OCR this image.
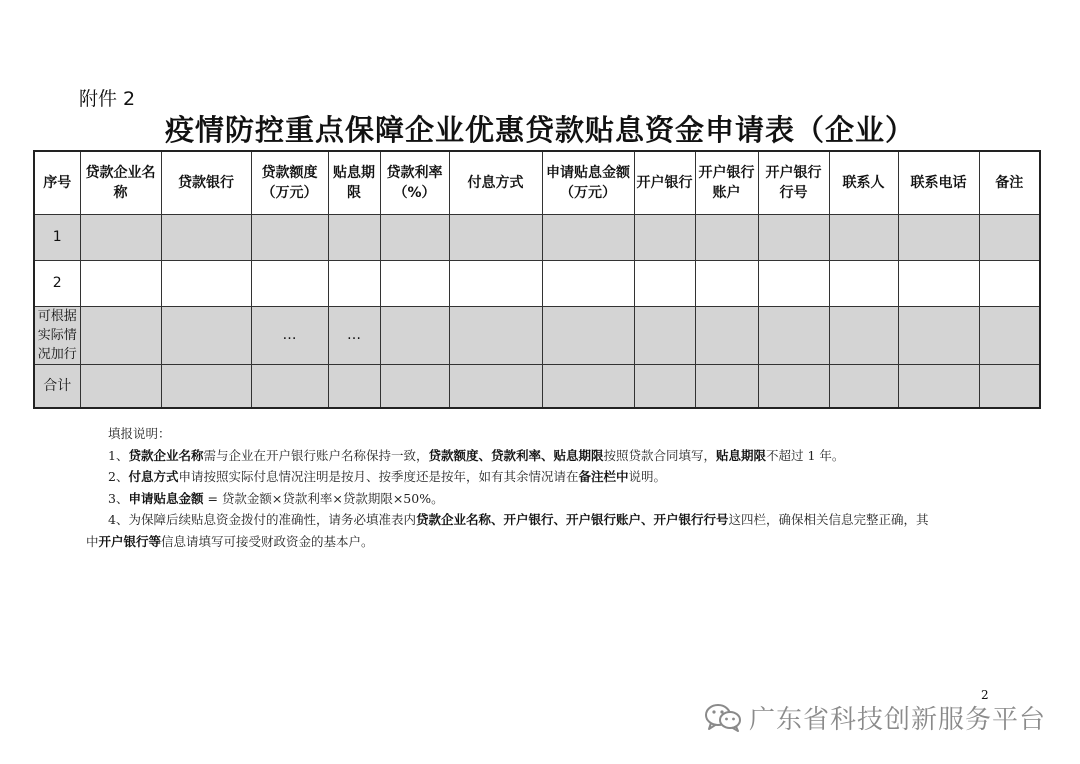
附件 2
疫情防控重点保障企业优惠贷款贴息资金申请表（企业）
序号	贷款企业名称	贷款银行	贷款额度（万元）	贴息期限	贷款利率（%）	付息方式	申请贴息金额（万元）	开户银行	开户银行账户	开户银行行号	联系人	联系电话	备注
1													
2													
可根据实际情况加行			…	…									
合计													

填报说明：

1、贷款企业名称需与企业在开户银行账户名称保持一致，贷款额度、贷款利率、贴息期限按照贷款合同填写，贴息期限不超过 1 年。

2、付息方式申请按照实际付息情况注明是按月、按季度还是按年，如有其余情况请在备注栏中说明。

3、申请贴息金额 = 贷款金额×贷款利率×贷款期限×50%。

4、为保障后续贴息资金拨付的准确性，请务必填准表内贷款企业名称、开户银行、开户银行账户、开户银行行号这四栏，确保相关信息完整正确，其

中开户银行等信息请填写可接受财政资金的基本户。

2
广东省科技创新服务平台
